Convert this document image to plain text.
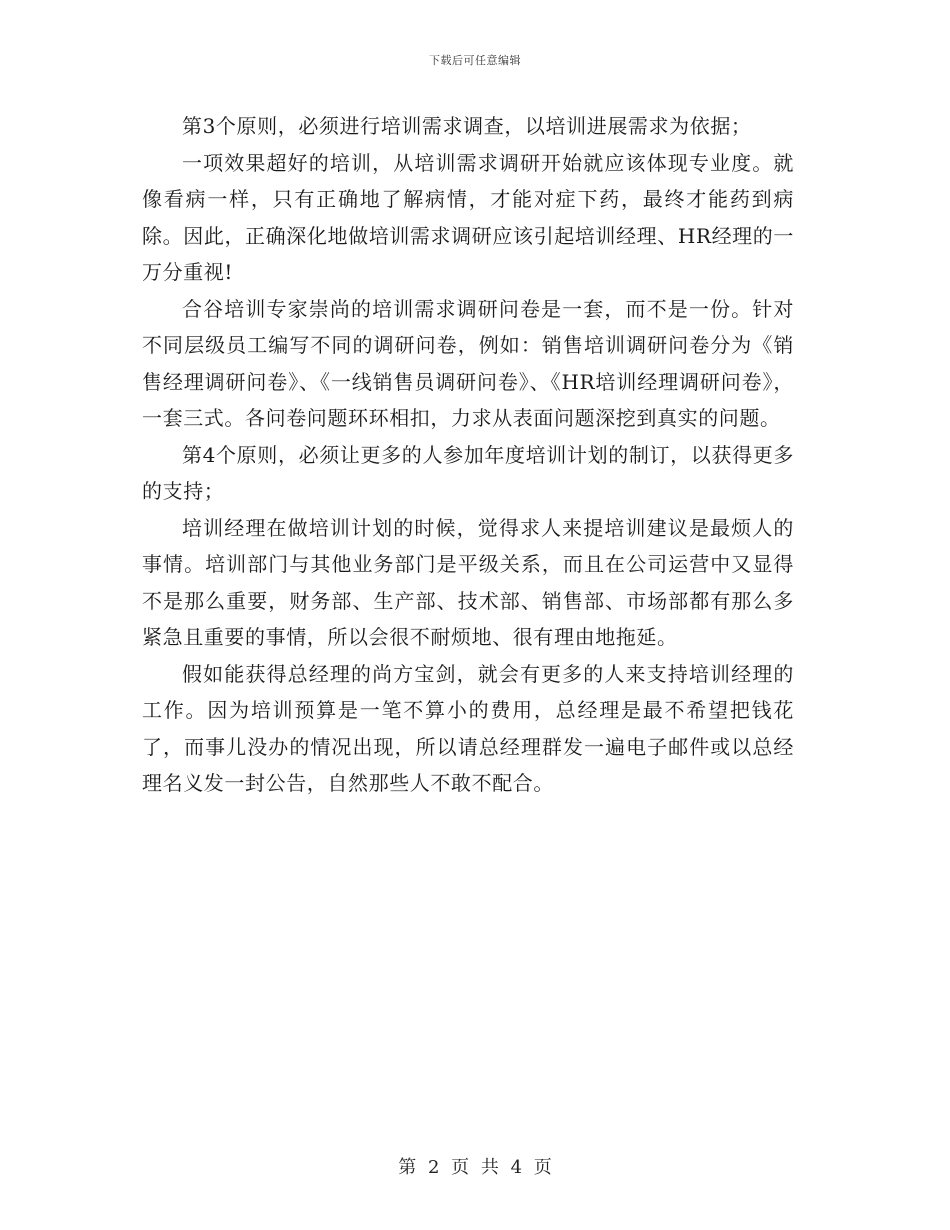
下载后可任意编辑

第3个原则，必须进行培训需求调查，以培训进展需求为依据；

一项效果超好的培训，从培训需求调研开始就应该体现专业度。就像看病一样，只有正确地了解病情，才能对症下药，最终才能药到病除。因此，正确深化地做培训需求调研应该引起培训经理、HR经理的一万分重视!

合谷培训专家崇尚的培训需求调研问卷是一套，而不是一份。针对不同层级员工编写不同的调研问卷，例如：销售培训调研问卷分为《销售经理调研问卷》、《一线销售员调研问卷》、《HR培训经理调研问卷》，一套三式。各问卷问题环环相扣，力求从表面问题深挖到真实的问题。

第4个原则，必须让更多的人参加年度培训计划的制订，以获得更多的支持；

培训经理在做培训计划的时候，觉得求人来提培训建议是最烦人的事情。培训部门与其他业务部门是平级关系，而且在公司运营中又显得不是那么重要，财务部、生产部、技术部、销售部、市场部都有那么多紧急且重要的事情，所以会很不耐烦地、很有理由地拖延。

假如能获得总经理的尚方宝剑，就会有更多的人来支持培训经理的工作。因为培训预算是一笔不算小的费用，总经理是最不希望把钱花了，而事儿没办的情况出现，所以请总经理群发一遍电子邮件或以总经理名义发一封公告，自然那些人不敢不配合。

第 2 页 共 4 页
